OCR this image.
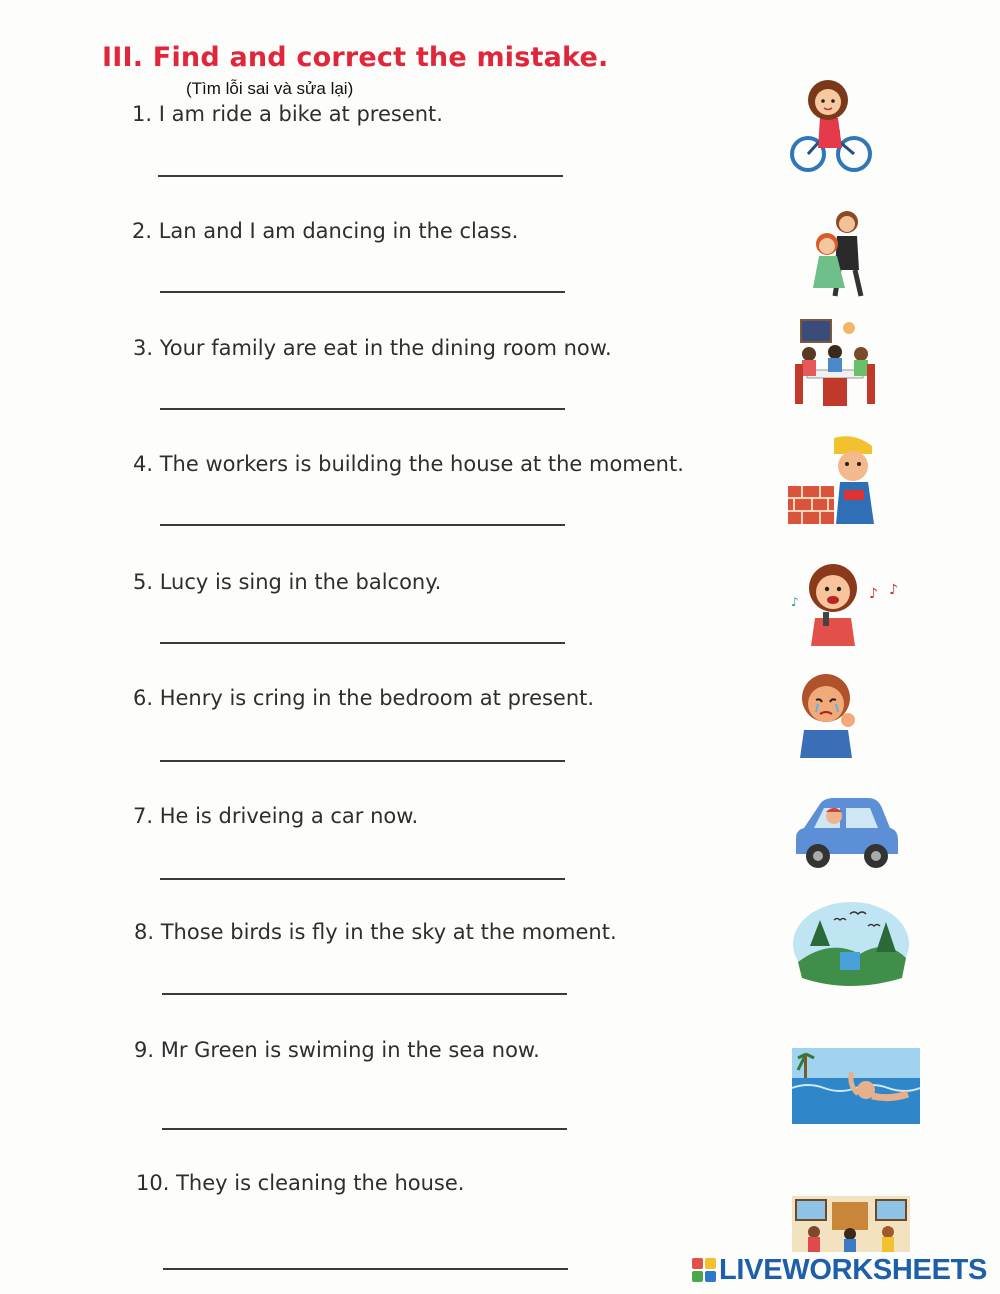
III. Find and correct the mistake.
(Tìm lỗi sai và sửa lại)
1. I am ride a bike at present.
2. Lan and I am dancing in the class.
3. Your family are eat in the dining room now.
4. The workers is building the house at the moment.
5. Lucy is sing in the balcony.	♪ ♪
♪
6. Henry is cring in the bedroom at present.
7. He is driveing a car now.
8. Those birds is fly in the sky at the moment.
9. Mr Green is swiming in the sea now.
10. They is cleaning the house.
LIVEWORKSHEETS
